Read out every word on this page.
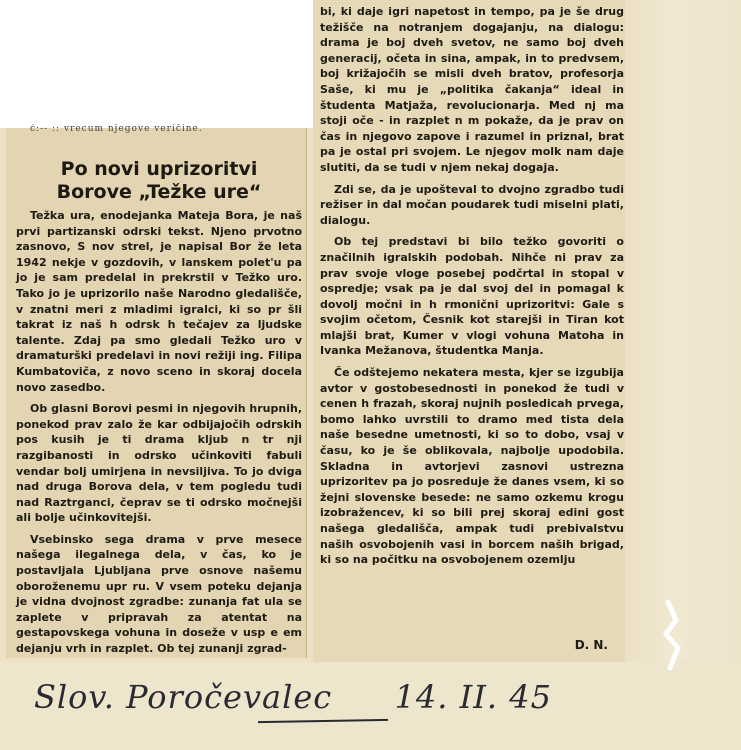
ć:-- :: vrecum njegove veričine.
Po novi uprizoritvi
Borove „Težke ure“

Težka ura, enodejanka Mateja Bora, je naš prvi partizanski odrski tekst. Njeno prvotno zasnovo, S nov strel, je napisal Bor že leta 1942 nekje v gozdovih, v lanskem polet'u pa jo je sam predelal in prekrstil v Težko uro. Tako jo je uprizorilo naše Narodno gledališče, v znatni meri z mladimi igralci, ki so pr šli takrat iz naš h odrsk h tečajev za ljudske talente. Zdaj pa smo gledali Težko uro v dramaturški predelavi in novi režiji ing. Filipa Kumbatoviča, z novo sceno in skoraj docela novo zasedbo.

Ob glasni Borovi pesmi in njegovih hrupnih, ponekod prav zalo že kar odbijajočih odrskih pos kusih je ti drama kljub n tr nji razgibanosti in odrsko učinkoviti fabuli vendar bolj umirjena in nevsiljiva. To jo dviga nad druga Borova dela, v tem pogledu tudi nad Raztrganci, čeprav se ti odrsko močnejši ali bolje učinkovitejši.

Vsebinsko sega drama v prve mesece našega ilegalnega dela, v čas, ko je postavljala Ljubljana prve osnove našemu oboroženemu upr ru. V vsem poteku dejanja je vidna dvojnost zgradbe: zunanja fat ula se zaplete v pripravah za atentat na gestapovskega vohuna in doseže v usp e em dejanju vrh in razplet. Ob tej zunanji zgrad-

bi, ki daje igri napetost in tempo, pa je še drug težišče na notranjem dogajanju, na dialogu: drama je boj dveh svetov, ne samo boj dveh generacij, očeta in sina, ampak, in to predvsem, boj križajočih se misli dveh bratov, profesorja Saše, ki mu je „politika čakanja“ ideal in študenta Matjaža, revolucionarja. Med nj ma stoji oče - in razplet n m pokaže, da je prav on čas in njegovo zapove i razumel in priznal, brat pa je ostal pri svojem. Le njegov molk nam daje slutiti, da se tudi v njem nekaj dogaja.

Zdi se, da je upošteval to dvojno zgradbo tudi režiser in dal močan poudarek tudi miselni plati, dialogu.

Ob tej predstavi bi bilo težko govoriti o značilnih igralskih podobah. Nihče ni prav za prav svoje vloge posebej podčrtal in stopal v ospredje; vsak pa je dal svoj del in pomagal k dovolj močni in h rmonični uprizoritvi: Gale s svojim očetom, Česnik kot starejši in Tiran kot mlajši brat, Kumer v vlogi vohuna Matoha in Ivanka Mežanova, študentka Manja.

Če odštejemo nekatera mesta, kjer se izgubija avtor v gostobesednosti in ponekod že tudi v cenen h frazah, skoraj nujnih posledicah prvega, bomo lahko uvrstili to dramo med tista dela naše besedne umetnosti, ki so to dobo, vsaj v času, ko je še oblikovala, najbolje upodobila. Skladna in avtorjevi zasnovi ustrezna uprizoritev pa jo posreduje že danes vsem, ki so žejni slovenske besede: ne samo ozkemu krogu izobražencev, ki so bili prej skoraj edini gost našega gledališča, ampak tudi prebivalstvu naših osvobojenih vasi in borcem naših brigad, ki so na počitku na osvobojenem ozemlju

D. N.
Slov. Poročevalec 14. II. 45
